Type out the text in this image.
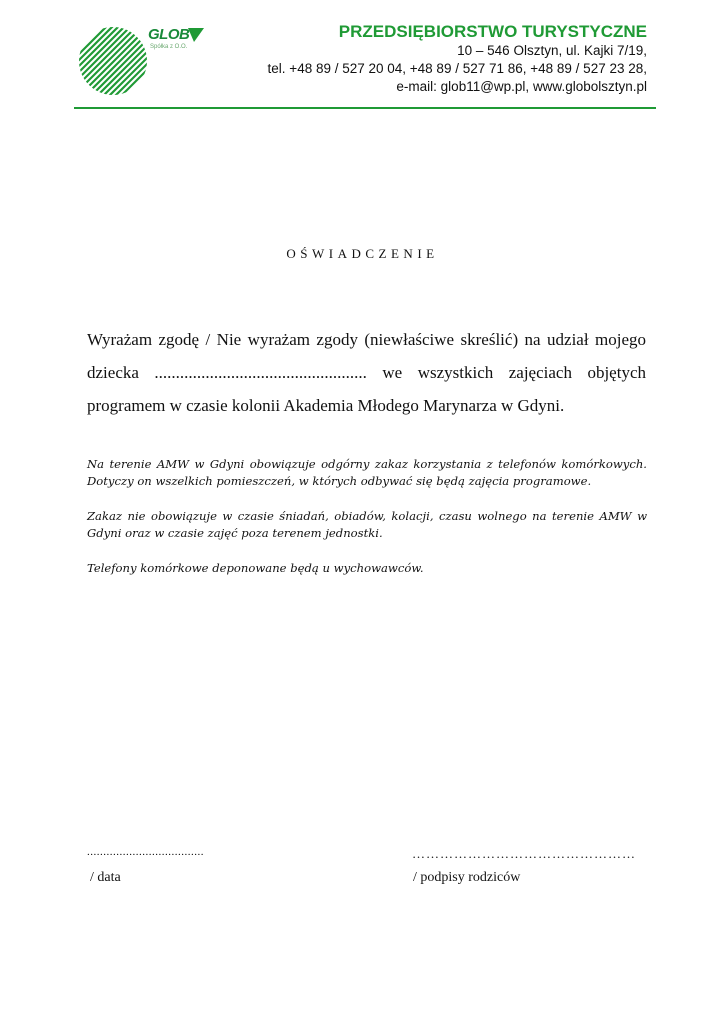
GLOB
Spółka z O.O.
PRZEDSIĘBIORSTWO TURYSTYCZNE
10 – 546 Olsztyn, ul. Kajki 7/19,
tel. +48 89 / 527 20 04, +48 89 / 527 71 86, +48 89 / 527 23 28,
e-mail: glob11@wp.pl, www.globolsztyn.pl
OŚWIADCZENIE
Wyrażam zgodę / Nie wyrażam zgody (niewłaściwe skreślić) na udział mojego dziecka .................................................. we wszystkich zajęciach objętych programem w czasie kolonii Akademia Młodego Marynarza w Gdyni.

Na terenie AMW w Gdyni obowiązuje odgórny zakaz korzystania z telefonów komórkowych. Dotyczy on wszelkich pomieszczeń, w których odbywać się będą zajęcia programowe.

Zakaz nie obowiązuje w czasie śniadań, obiadów, kolacji, czasu wolnego na terenie AMW w Gdyni oraz w czasie zajęć poza terenem jednostki.

Telefony komórkowe deponowane będą u wychowawców.

....................................	…………………………………………
/ data	/ podpisy rodziców
